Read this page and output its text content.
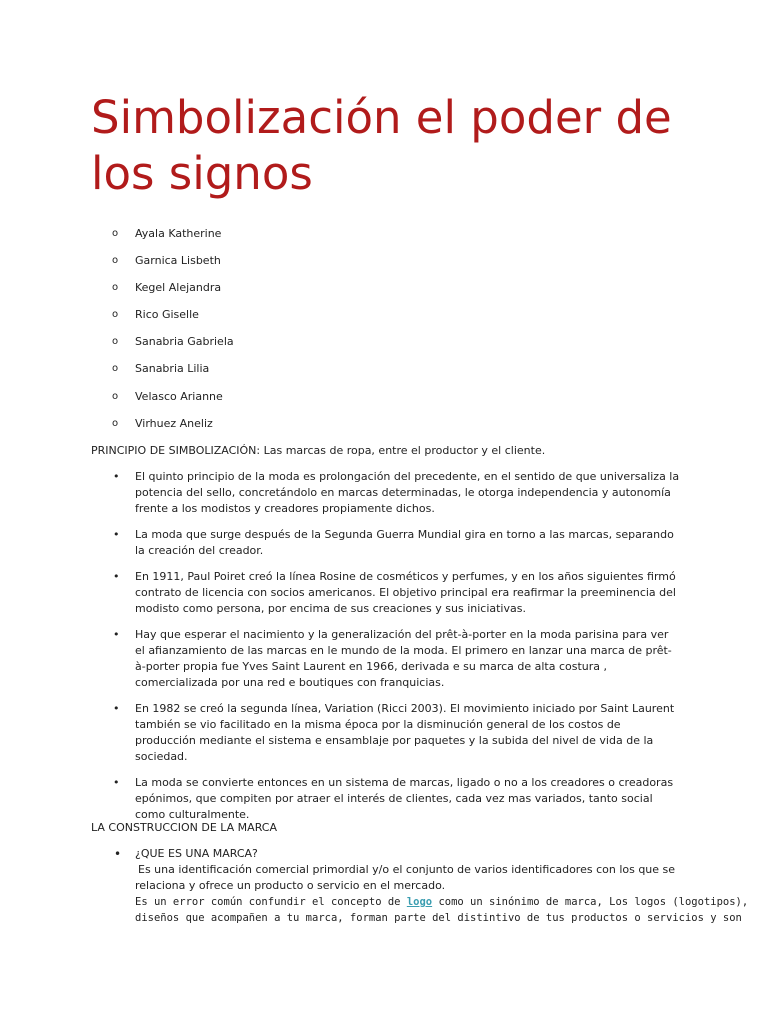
Simbolización el poder de los signos
o Ayala Katherine
o Garnica Lisbeth
o Kegel Alejandra
o Rico Giselle
o Sanabria Gabriela
o Sanabria Lilia
o Velasco Arianne
o Virhuez Aneliz

PRINCIPIO DE SIMBOLIZACIÓN: Las marcas de ropa, entre el productor y el cliente.

• El quinto principio de la moda es prolongación del precedente, en el sentido de que universaliza la potencia del sello, concretándolo en marcas determinadas, le otorga independencia y autonomía frente a los modistos y creadores propiamente dichos.
• La moda que surge después de la Segunda Guerra Mundial gira en torno a las marcas, separando la creación del creador.
• En 1911, Paul Poiret creó la línea Rosine de cosméticos y perfumes, y en los años siguientes firmó contrato de licencia con socios americanos. El objetivo principal era reafirmar la preeminencia del modisto como persona, por encima de sus creaciones y sus iniciativas.
• Hay que esperar el nacimiento y la generalización del prêt-à-porter en la moda parisina para ver el afianzamiento de las marcas en le mundo de la moda. El primero en lanzar una marca de prêt-à-porter propia fue Yves Saint Laurent en 1966, derivada e su marca de alta costura , comercializada por una red e boutiques con franquicias.
• En 1982 se creó la segunda línea, Variation (Ricci 2003). El movimiento iniciado por Saint Laurent también se vio facilitado en la misma época por la disminución general de los costos de producción mediante el sistema e ensamblaje por paquetes y la subida del nivel de vida de la sociedad.
• La moda se convierte entonces en un sistema de marcas, ligado o no a los creadores o creadoras epónimos, que compiten por atraer el interés de clientes, cada vez mas variados, tanto social como culturalmente.

LA CONSTRUCCION DE LA MARCA

• ¿QUE ES UNA MARCA?
Es una identificación comercial primordial y/o el conjunto de varios identificadores con los que se
relaciona y ofrece un producto o servicio en el mercado.
Es un error común confundir el concepto de logo como un sinónimo de marca, Los logos (logotipos),
diseños que acompañen a tu marca, forman parte del distintivo de tus productos o servicios y son
